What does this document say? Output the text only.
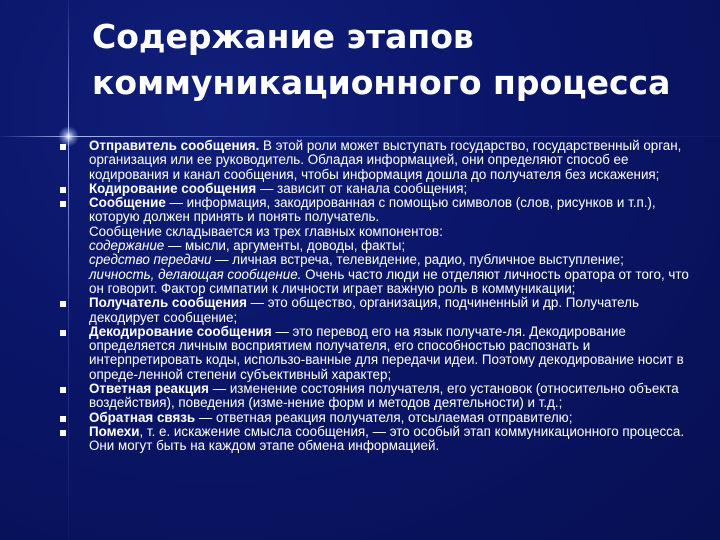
Содержание этапов
коммуникационного процесса
Отправитель сообщения. В этой роли может выступать государство, государственный орган, организация или ее руководитель. Обладая информацией, они определяют способ ее кодирования и канал сообщения, чтобы информация дошла до получателя без искажения;
Кодирование сообщения — зависит от канала сообщения;
Сообщение — информация, закодированная с помощью символов (слов, рисунков и т.п.), которую должен принять и понять получатель.
Сообщение складывается из трех главных компонентов:
содержание — мысли, аргументы, доводы, факты;
средство передачи — личная встреча, телевидение, радио, публичное выступление;
личность, делающая сообщение. Очень часто люди не отделяют личность оратора от того, что он говорит. Фактор симпатии к личности играет важную роль в коммуникации;
Получатель сообщения — это общество, организация, подчиненный и др. Получатель декодирует сообщение;
Декодирование сообщения — это перевод его на язык получате-ля. Декодирование определяется личным восприятием получателя, его способностью распознать и интерпретировать коды, использо-ванные для передачи идеи. Поэтому декодирование носит в опреде-ленной степени субъективный характер;
Ответная реакция — изменение состояния получателя, его установок (относительно объекта воздействия), поведения (изме-нение форм и методов деятельности) и т.д.;
Обратная связь — ответная реакция получателя, отсылаемая отправителю;
Помехи, т. е. искажение смысла сообщения, — это особый этап коммуникационного процесса. Они могут быть на каждом этапе обмена информацией.
